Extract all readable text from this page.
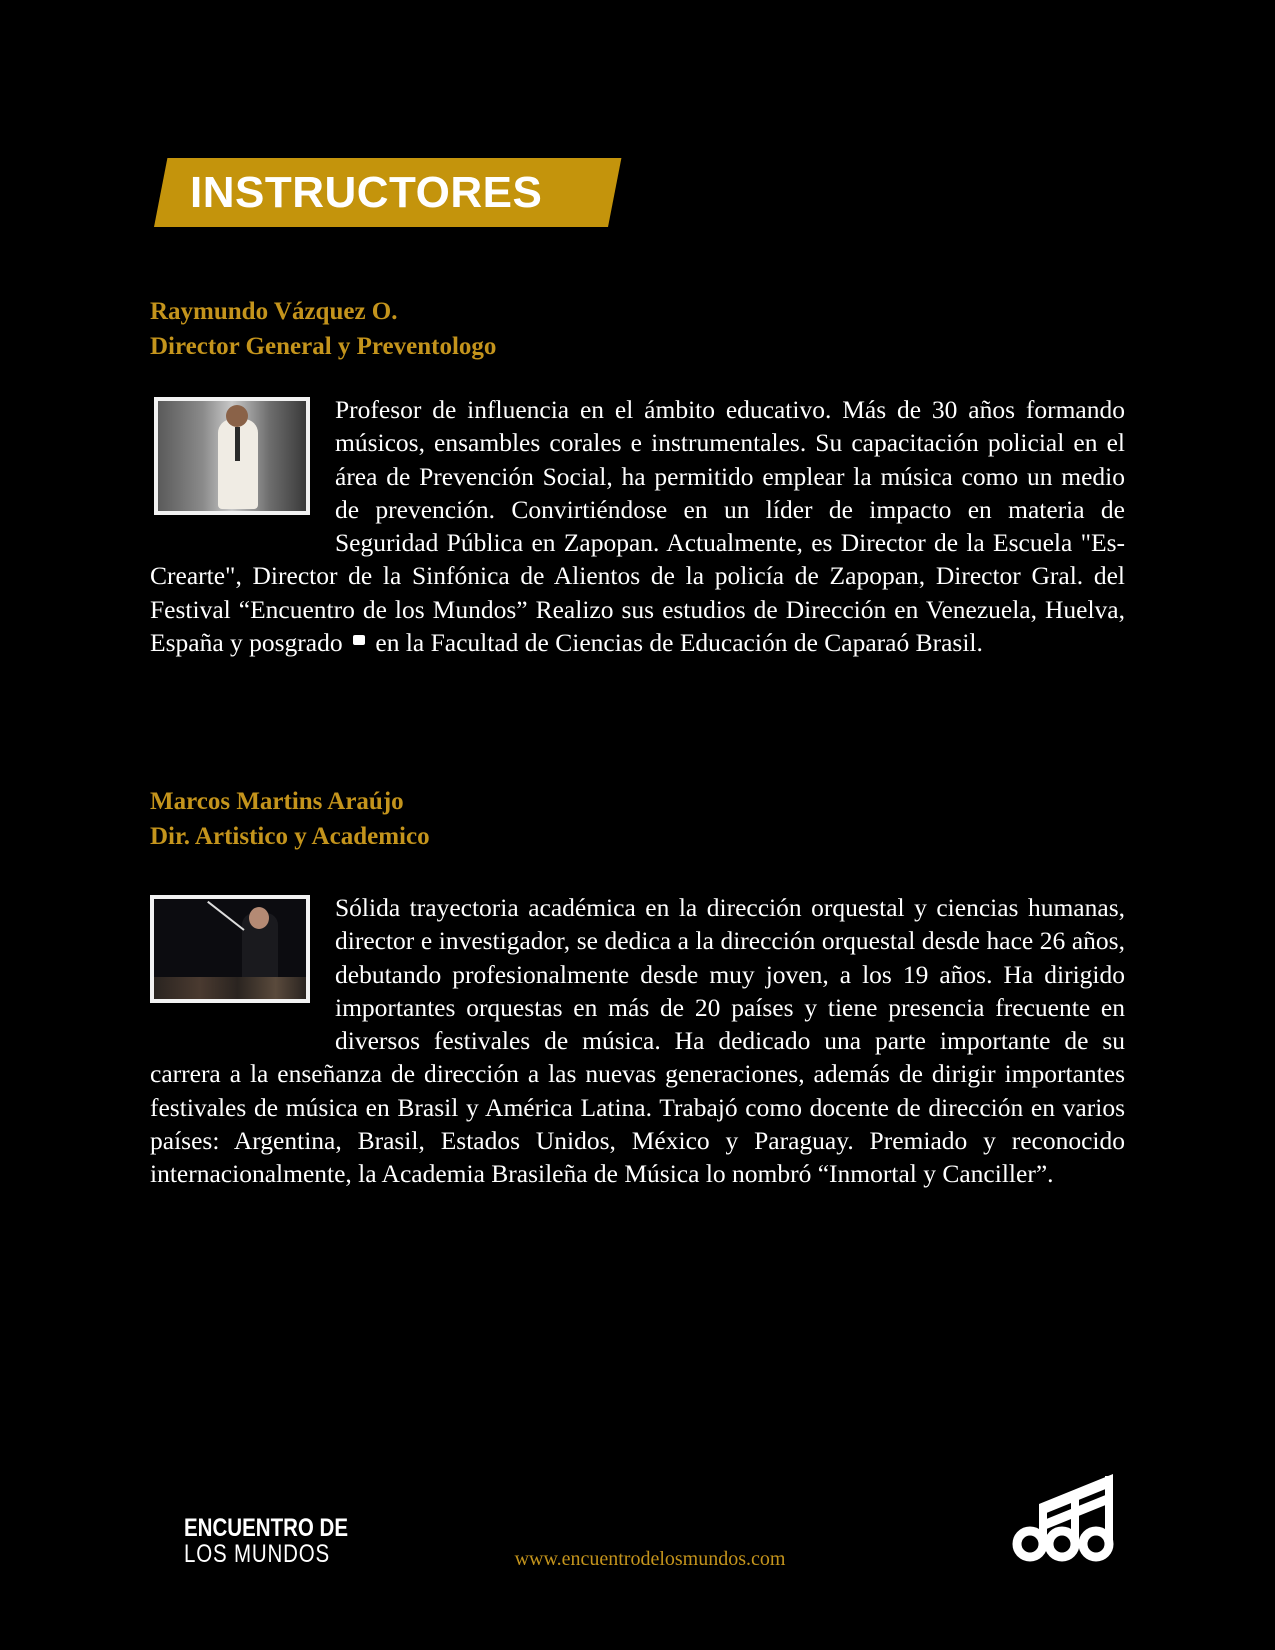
INSTRUCTORES
Raymundo Vázquez O.
Director General y Preventologo

Profesor de influencia en el ámbito educativo. Más de 30 años formando músicos, ensambles corales e instrumentales. Su capacitación policial en el área de Prevención Social, ha permitido emplear la música como un medio de prevención. Convirtiéndose en un líder de impacto en materia de Seguridad Pública en Zapopan. Actualmente, es Director de la Escuela "Es-Crearte", Director de la Sinfónica de Alientos de la policía de Zapopan, Director Gral. del Festival “Encuentro de los Mundos” Realizo sus estudios de Dirección en Venezuela, Huelva, España y posgrado en la Facultad de Ciencias de Educación de Caparaó Brasil.

Marcos Martins Araújo
Dir. Artistico y Academico

Sólida trayectoria académica en la dirección orquestal y ciencias humanas, director e investigador, se dedica a la dirección orquestal desde hace 26 años, debutando profesionalmente desde muy joven, a los 19 años. Ha dirigido importantes orquestas en más de 20 países y tiene presencia frecuente en diversos festivales de música. Ha dedicado una parte importante de su carrera a la enseñanza de dirección a las nuevas generaciones, además de dirigir importantes festivales de música en Brasil y América Latina. Trabajó como docente de dirección en varios países: Argentina, Brasil, Estados Unidos, México y Paraguay. Premiado y reconocido internacionalmente, la Academia Brasileña de Música lo nombró “Inmortal y Canciller”.

ENCUENTRO DE
LOS MUNDOS	www.encuentrodelosmundos.com
